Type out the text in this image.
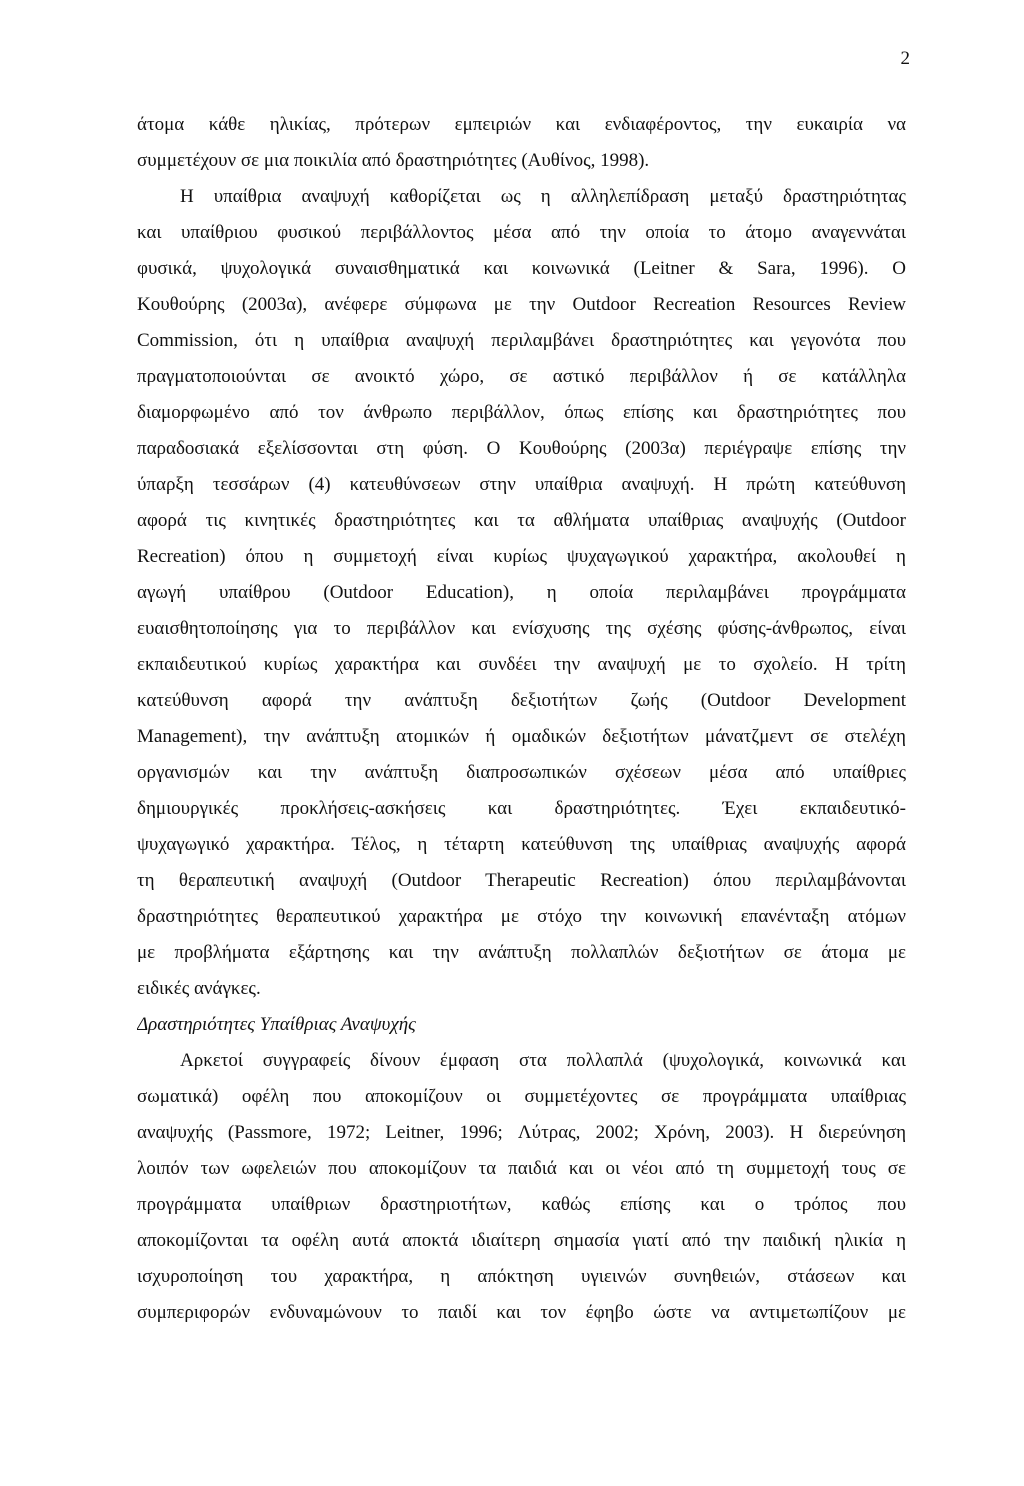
2
άτομα κάθε ηλικίας, πρότερων εμπειριών και ενδιαφέροντος, την ευκαιρία να
συμμετέχουν σε μια ποικιλία από δραστηριότητες (Αυθίνος, 1998).
Η υπαίθρια αναψυχή καθορίζεται ως η αλληλεπίδραση μεταξύ δραστηριότητας
και υπαίθριου φυσικού περιβάλλοντος μέσα από την οποία το άτομο αναγεννάται
φυσικά, ψυχολογικά συναισθηματικά και κοινωνικά (Leitner & Sara, 1996). Ο
Κουθούρης (2003α), ανέφερε σύμφωνα με την Outdoor Recreation Resources Review
Commission, ότι η υπαίθρια αναψυχή περιλαμβάνει δραστηριότητες και γεγονότα που
πραγματοποιούνται σε ανοικτό χώρο, σε αστικό περιβάλλον ή σε κατάλληλα
διαμορφωμένο από τον άνθρωπο περιβάλλον, όπως επίσης και δραστηριότητες που
παραδοσιακά εξελίσσονται στη φύση. Ο Κουθούρης (2003α) περιέγραψε επίσης την
ύπαρξη τεσσάρων (4) κατευθύνσεων στην υπαίθρια αναψυχή. Η πρώτη κατεύθυνση
αφορά τις κινητικές δραστηριότητες και τα αθλήματα υπαίθριας αναψυχής (Outdoor
Recreation) όπου η συμμετοχή είναι κυρίως ψυχαγωγικού χαρακτήρα, ακολουθεί η
αγωγή υπαίθρου (Outdoor Education), η οποία περιλαμβάνει προγράμματα
ευαισθητοποίησης για το περιβάλλον και ενίσχυσης της σχέσης φύσης-άνθρωπος, είναι
εκπαιδευτικού κυρίως χαρακτήρα και συνδέει την αναψυχή με το σχολείο. Η τρίτη
κατεύθυνση αφορά την ανάπτυξη δεξιοτήτων ζωής (Outdoor Development
Management), την ανάπτυξη ατομικών ή ομαδικών δεξιοτήτων μάνατζμεντ σε στελέχη
οργανισμών και την ανάπτυξη διαπροσωπικών σχέσεων μέσα από υπαίθριες
δημιουργικές προκλήσεις-ασκήσεις και δραστηριότητες. Έχει εκπαιδευτικό-
ψυχαγωγικό χαρακτήρα. Τέλος, η τέταρτη κατεύθυνση της υπαίθριας αναψυχής αφορά
τη θεραπευτική αναψυχή (Outdoor Therapeutic Recreation) όπου περιλαμβάνονται
δραστηριότητες θεραπευτικού χαρακτήρα με στόχο την κοινωνική επανένταξη ατόμων
με προβλήματα εξάρτησης και την ανάπτυξη πολλαπλών δεξιοτήτων σε άτομα με
ειδικές ανάγκες.
Δραστηριότητες Υπαίθριας Αναψυχής
Αρκετοί συγγραφείς δίνουν έμφαση στα πολλαπλά (ψυχολογικά, κοινωνικά και
σωματικά) οφέλη που αποκομίζουν οι συμμετέχοντες σε προγράμματα υπαίθριας
αναψυχής (Passmore, 1972; Leitner, 1996; Λύτρας, 2002; Χρόνη, 2003). Η διερεύνηση
λοιπόν των ωφελειών που αποκομίζουν τα παιδιά και οι νέοι από τη συμμετοχή τους σε
προγράμματα υπαίθριων δραστηριοτήτων, καθώς επίσης και ο τρόπος που
αποκομίζονται τα οφέλη αυτά αποκτά ιδιαίτερη σημασία γιατί από την παιδική ηλικία η
ισχυροποίηση του χαρακτήρα, η απόκτηση υγιεινών συνηθειών, στάσεων και
συμπεριφορών ενδυναμώνουν το παιδί και τον έφηβο ώστε να αντιμετωπίζουν με
